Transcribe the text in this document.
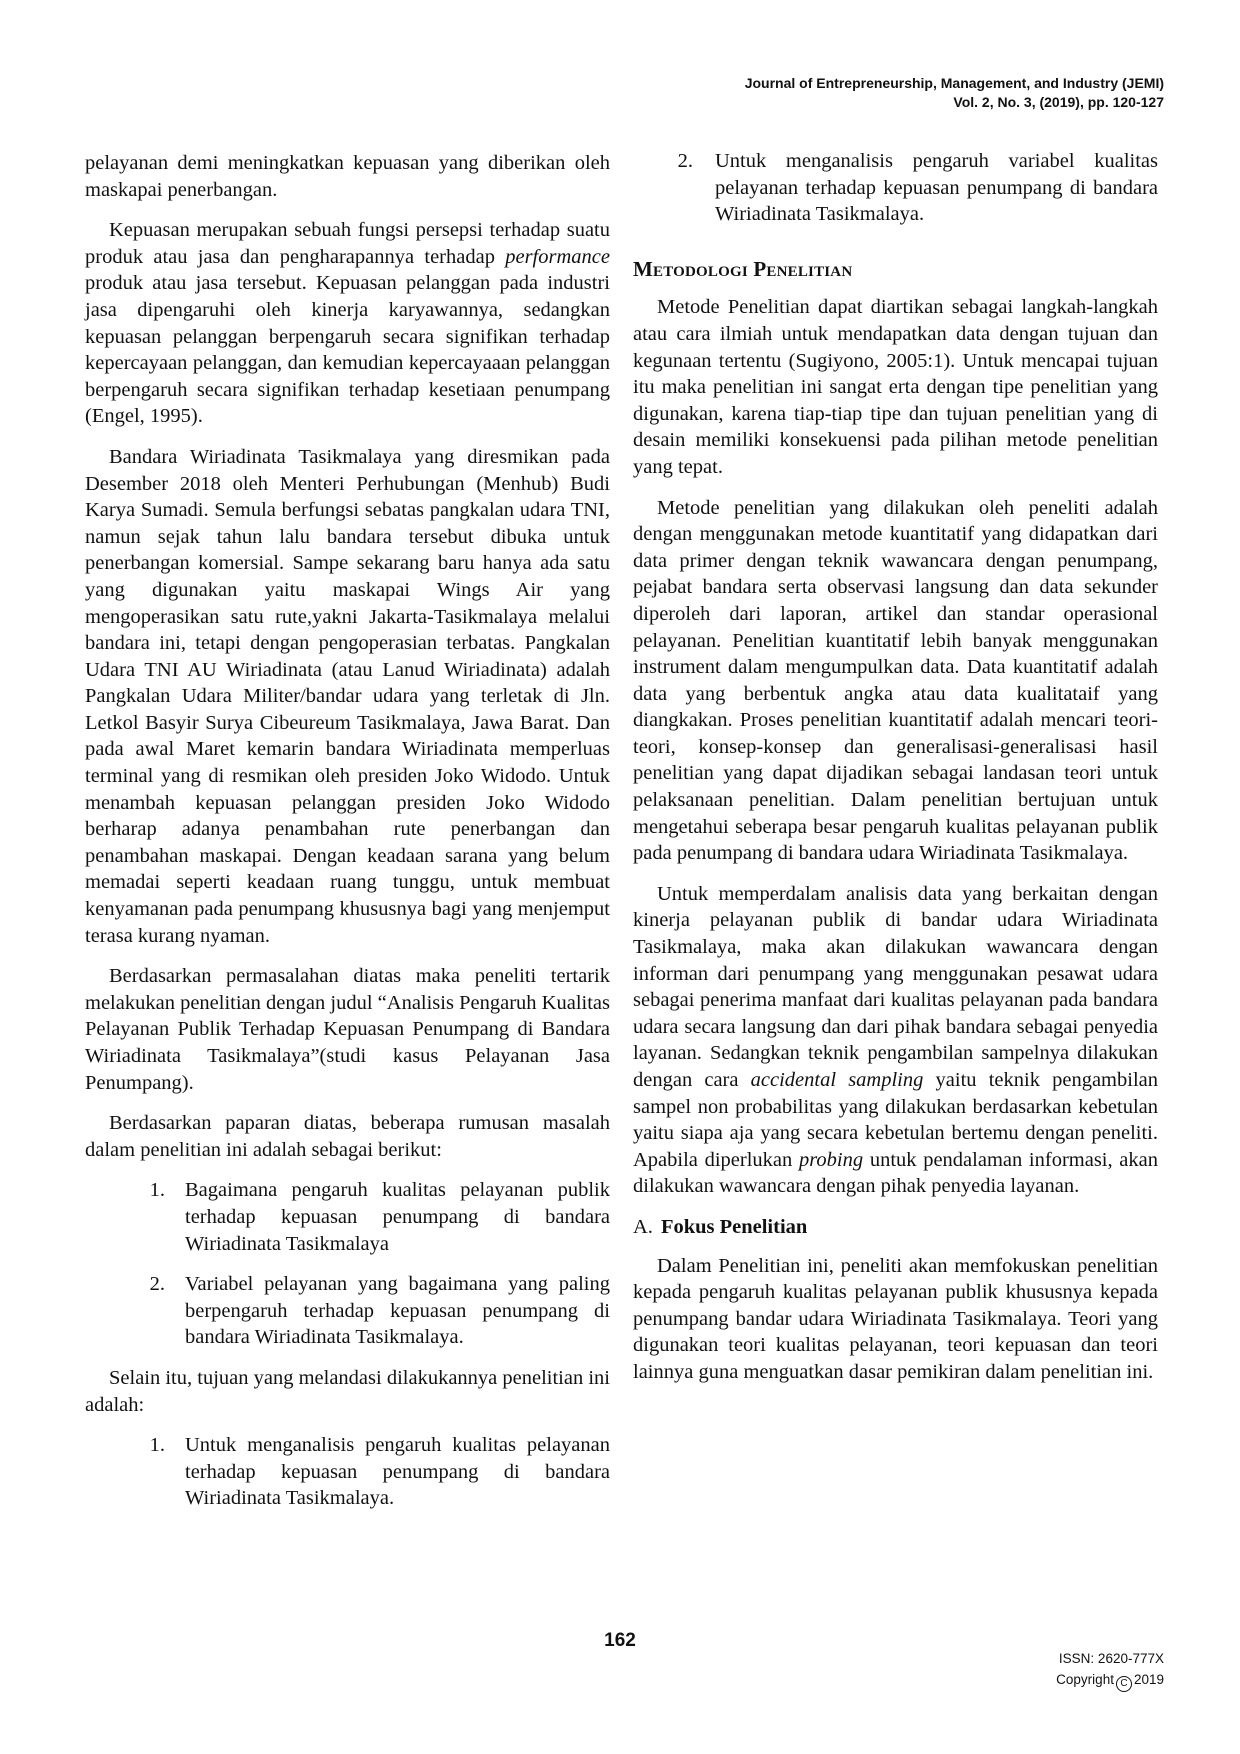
Journal of Entrepreneurship, Management, and Industry (JEMI)
Vol. 2, No. 3, (2019), pp. 120-127

pelayanan demi meningkatkan kepuasan yang diberikan oleh maskapai penerbangan.

Kepuasan merupakan sebuah fungsi persepsi terhadap suatu produk atau jasa dan pengharapannya terhadap performance produk atau jasa tersebut. Kepuasan pelanggan pada industri jasa dipengaruhi oleh kinerja karyawannya, sedangkan kepuasan pelanggan berpengaruh secara signifikan terhadap kepercayaan pelanggan, dan kemudian kepercayaaan pelanggan berpengaruh secara signifikan terhadap kesetiaan penumpang (Engel, 1995).

Bandara Wiriadinata Tasikmalaya yang diresmikan pada Desember 2018 oleh Menteri Perhubungan (Menhub) Budi Karya Sumadi. Semula berfungsi sebatas pangkalan udara TNI, namun sejak tahun lalu bandara tersebut dibuka untuk penerbangan komersial. Sampe sekarang baru hanya ada satu yang digunakan yaitu maskapai Wings Air yang mengoperasikan satu rute,yakni Jakarta-Tasikmalaya melalui bandara ini, tetapi dengan pengoperasian terbatas. Pangkalan Udara TNI AU Wiriadinata (atau Lanud Wiriadinata) adalah Pangkalan Udara Militer/bandar udara yang terletak di Jln. Letkol Basyir Surya Cibeureum Tasikmalaya, Jawa Barat. Dan pada awal Maret kemarin bandara Wiriadinata memperluas terminal yang di resmikan oleh presiden Joko Widodo. Untuk menambah kepuasan pelanggan presiden Joko Widodo berharap adanya penambahan rute penerbangan dan penambahan maskapai. Dengan keadaan sarana yang belum memadai seperti keadaan ruang tunggu, untuk membuat kenyamanan pada penumpang khususnya bagi yang menjemput terasa kurang nyaman.

Berdasarkan permasalahan diatas maka peneliti tertarik melakukan penelitian dengan judul “Analisis Pengaruh Kualitas Pelayanan Publik Terhadap Kepuasan Penumpang di Bandara Wiriadinata Tasikmalaya”(studi kasus Pelayanan Jasa Penumpang).

Berdasarkan paparan diatas, beberapa rumusan masalah dalam penelitian ini adalah sebagai berikut:

1. Bagaimana pengaruh kualitas pelayanan publik terhadap kepuasan penumpang di bandara Wiriadinata Tasikmalaya
2. Variabel pelayanan yang bagaimana yang paling berpengaruh terhadap kepuasan penumpang di bandara Wiriadinata Tasikmalaya.

Selain itu, tujuan yang melandasi dilakukannya penelitian ini adalah:

1. Untuk menganalisis pengaruh kualitas pelayanan terhadap kepuasan penumpang di bandara Wiriadinata Tasikmalaya.
2. Untuk menganalisis pengaruh variabel kualitas pelayanan terhadap kepuasan penumpang di bandara Wiriadinata Tasikmalaya.
Metodologi Penelitian

Metode Penelitian dapat diartikan sebagai langkah-langkah atau cara ilmiah untuk mendapatkan data dengan tujuan dan kegunaan tertentu (Sugiyono, 2005:1). Untuk mencapai tujuan itu maka penelitian ini sangat erta dengan tipe penelitian yang digunakan, karena tiap-tiap tipe dan tujuan penelitian yang di desain memiliki konsekuensi pada pilihan metode penelitian yang tepat.

Metode penelitian yang dilakukan oleh peneliti adalah dengan menggunakan metode kuantitatif yang didapatkan dari data primer dengan teknik wawancara dengan penumpang, pejabat bandara serta observasi langsung dan data sekunder diperoleh dari laporan, artikel dan standar operasional pelayanan. Penelitian kuantitatif lebih banyak menggunakan instrument dalam mengumpulkan data. Data kuantitatif adalah data yang berbentuk angka atau data kualitataif yang diangkakan. Proses penelitian kuantitatif adalah mencari teori-teori, konsep-konsep dan generalisasi-generalisasi hasil penelitian yang dapat dijadikan sebagai landasan teori untuk pelaksanaan penelitian. Dalam penelitian bertujuan untuk mengetahui seberapa besar pengaruh kualitas pelayanan publik pada penumpang di bandara udara Wiriadinata Tasikmalaya.

Untuk memperdalam analisis data yang berkaitan dengan kinerja pelayanan publik di bandar udara Wiriadinata Tasikmalaya, maka akan dilakukan wawancara dengan informan dari penumpang yang menggunakan pesawat udara sebagai penerima manfaat dari kualitas pelayanan pada bandara udara secara langsung dan dari pihak bandara sebagai penyedia layanan. Sedangkan teknik pengambilan sampelnya dilakukan dengan cara accidental sampling yaitu teknik pengambilan sampel non probabilitas yang dilakukan berdasarkan kebetulan yaitu siapa aja yang secara kebetulan bertemu dengan peneliti. Apabila diperlukan probing untuk pendalaman informasi, akan dilakukan wawancara dengan pihak penyedia layanan.

A. Fokus Penelitian

Dalam Penelitian ini, peneliti akan memfokuskan penelitian kepada pengaruh kualitas pelayanan publik khususnya kepada penumpang bandar udara Wiriadinata Tasikmalaya. Teori yang digunakan teori kualitas pelayanan, teori kepuasan dan teori lainnya guna menguatkan dasar pemikiran dalam penelitian ini.

162
ISSN: 2620-777X
Copyright C 2019
